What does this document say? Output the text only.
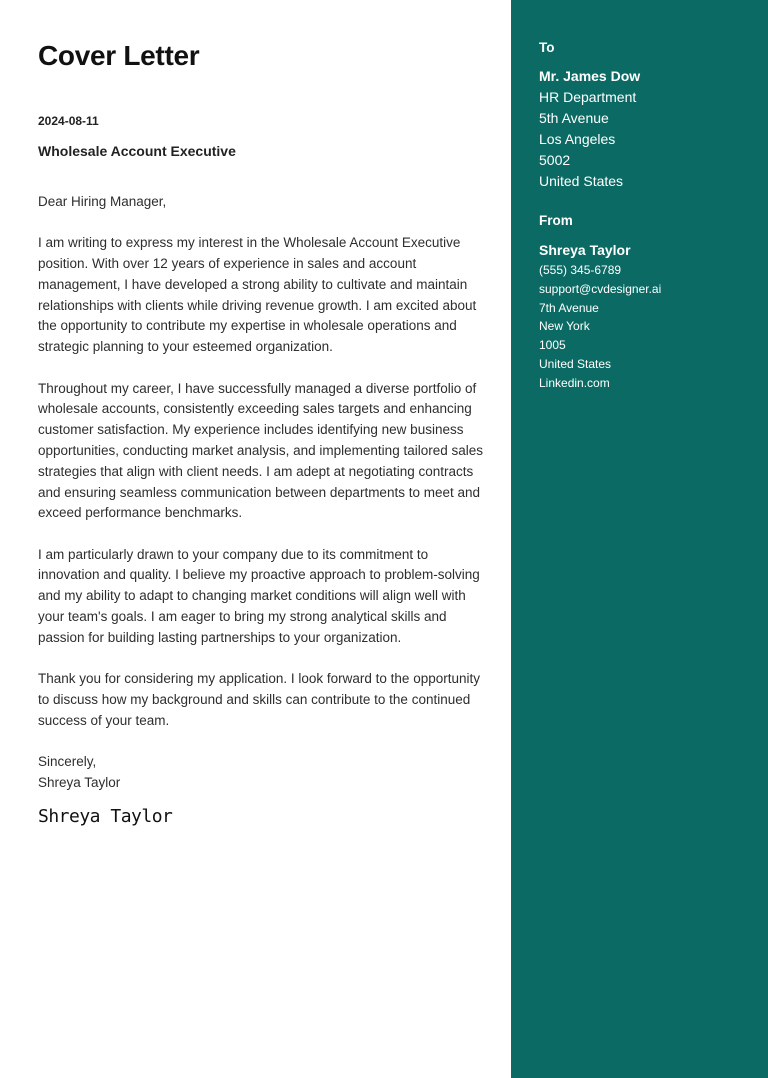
Cover Letter
2024-08-11
Wholesale Account Executive

Dear Hiring Manager,

I am writing to express my interest in the Wholesale Account Executive position. With over 12 years of experience in sales and account management, I have developed a strong ability to cultivate and maintain relationships with clients while driving revenue growth. I am excited about the opportunity to contribute my expertise in wholesale operations and strategic planning to your esteemed organization.

Throughout my career, I have successfully managed a diverse portfolio of wholesale accounts, consistently exceeding sales targets and enhancing customer satisfaction. My experience includes identifying new business opportunities, conducting market analysis, and implementing tailored sales strategies that align with client needs. I am adept at negotiating contracts and ensuring seamless communication between departments to meet and exceed performance benchmarks.

I am particularly drawn to your company due to its commitment to innovation and quality. I believe my proactive approach to problem-solving and my ability to adapt to changing market conditions will align well with your team's goals. I am eager to bring my strong analytical skills and passion for building lasting partnerships to your organization.

Thank you for considering my application. I look forward to the opportunity to discuss how my background and skills can contribute to the continued success of your team.

Sincerely,

Shreya Taylor

Shreya Taylor
To
Mr. James Dow
HR Department
5th Avenue
Los Angeles
5002
United States
From
Shreya Taylor
(555) 345-6789
support@cvdesigner.ai
7th Avenue
New York
1005
United States
Linkedin.com
